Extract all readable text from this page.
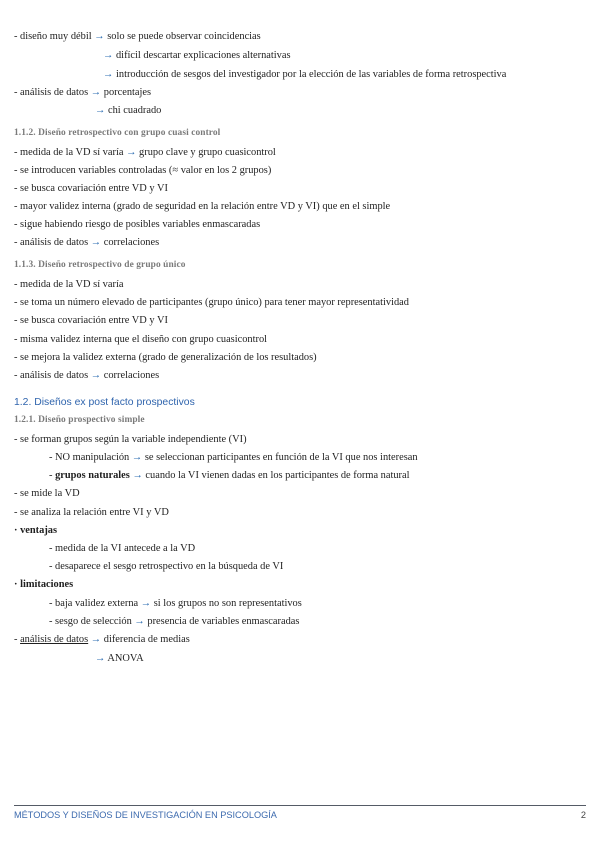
- diseño muy débil → solo se puede observar coincidencias
→ difícil descartar explicaciones alternativas
→ introducción de sesgos del investigador por la elección de las variables de forma retrospectiva
- análisis de datos → porcentajes
→ chi cuadrado
1.1.2. Diseño retrospectivo con grupo cuasi control
- medida de la VD sí varía → grupo clave y grupo cuasicontrol
- se introducen variables controladas (≈ valor en los 2 grupos)
- se busca covariación entre VD y VI
- mayor validez interna (grado de seguridad en la relación entre VD y VI) que en el simple
- sigue habiendo riesgo de posibles variables enmascaradas
- análisis de datos → correlaciones
1.1.3. Diseño retrospectivo de grupo único
- medida de la VD sí varía
- se toma un número elevado de participantes (grupo único) para tener mayor representatividad
- se busca covariación entre VD y VI
- misma validez interna que el diseño con grupo cuasicontrol
- se mejora la validez externa (grado de generalización de los resultados)
- análisis de datos → correlaciones
1.2. Diseños ex post facto prospectivos
1.2.1. Diseño prospectivo simple
- se forman grupos según la variable independiente (VI)
- NO manipulación → se seleccionan participantes en función de la VI que nos interesan
- grupos naturales → cuando la VI vienen dadas en los participantes de forma natural
- se mide la VD
- se analiza la relación entre VI y VD
· ventajas
- medida de la VI antecede a la VD
- desaparece el sesgo retrospectivo en la búsqueda de VI
· limitaciones
- baja validez externa → si los grupos no son representativos
- sesgo de selección → presencia de variables enmascaradas
- análisis de datos → diferencia de medias
→ ANOVA
MÉTODOS Y DISEÑOS DE INVESTIGACIÓN EN PSICOLOGÍA	2
